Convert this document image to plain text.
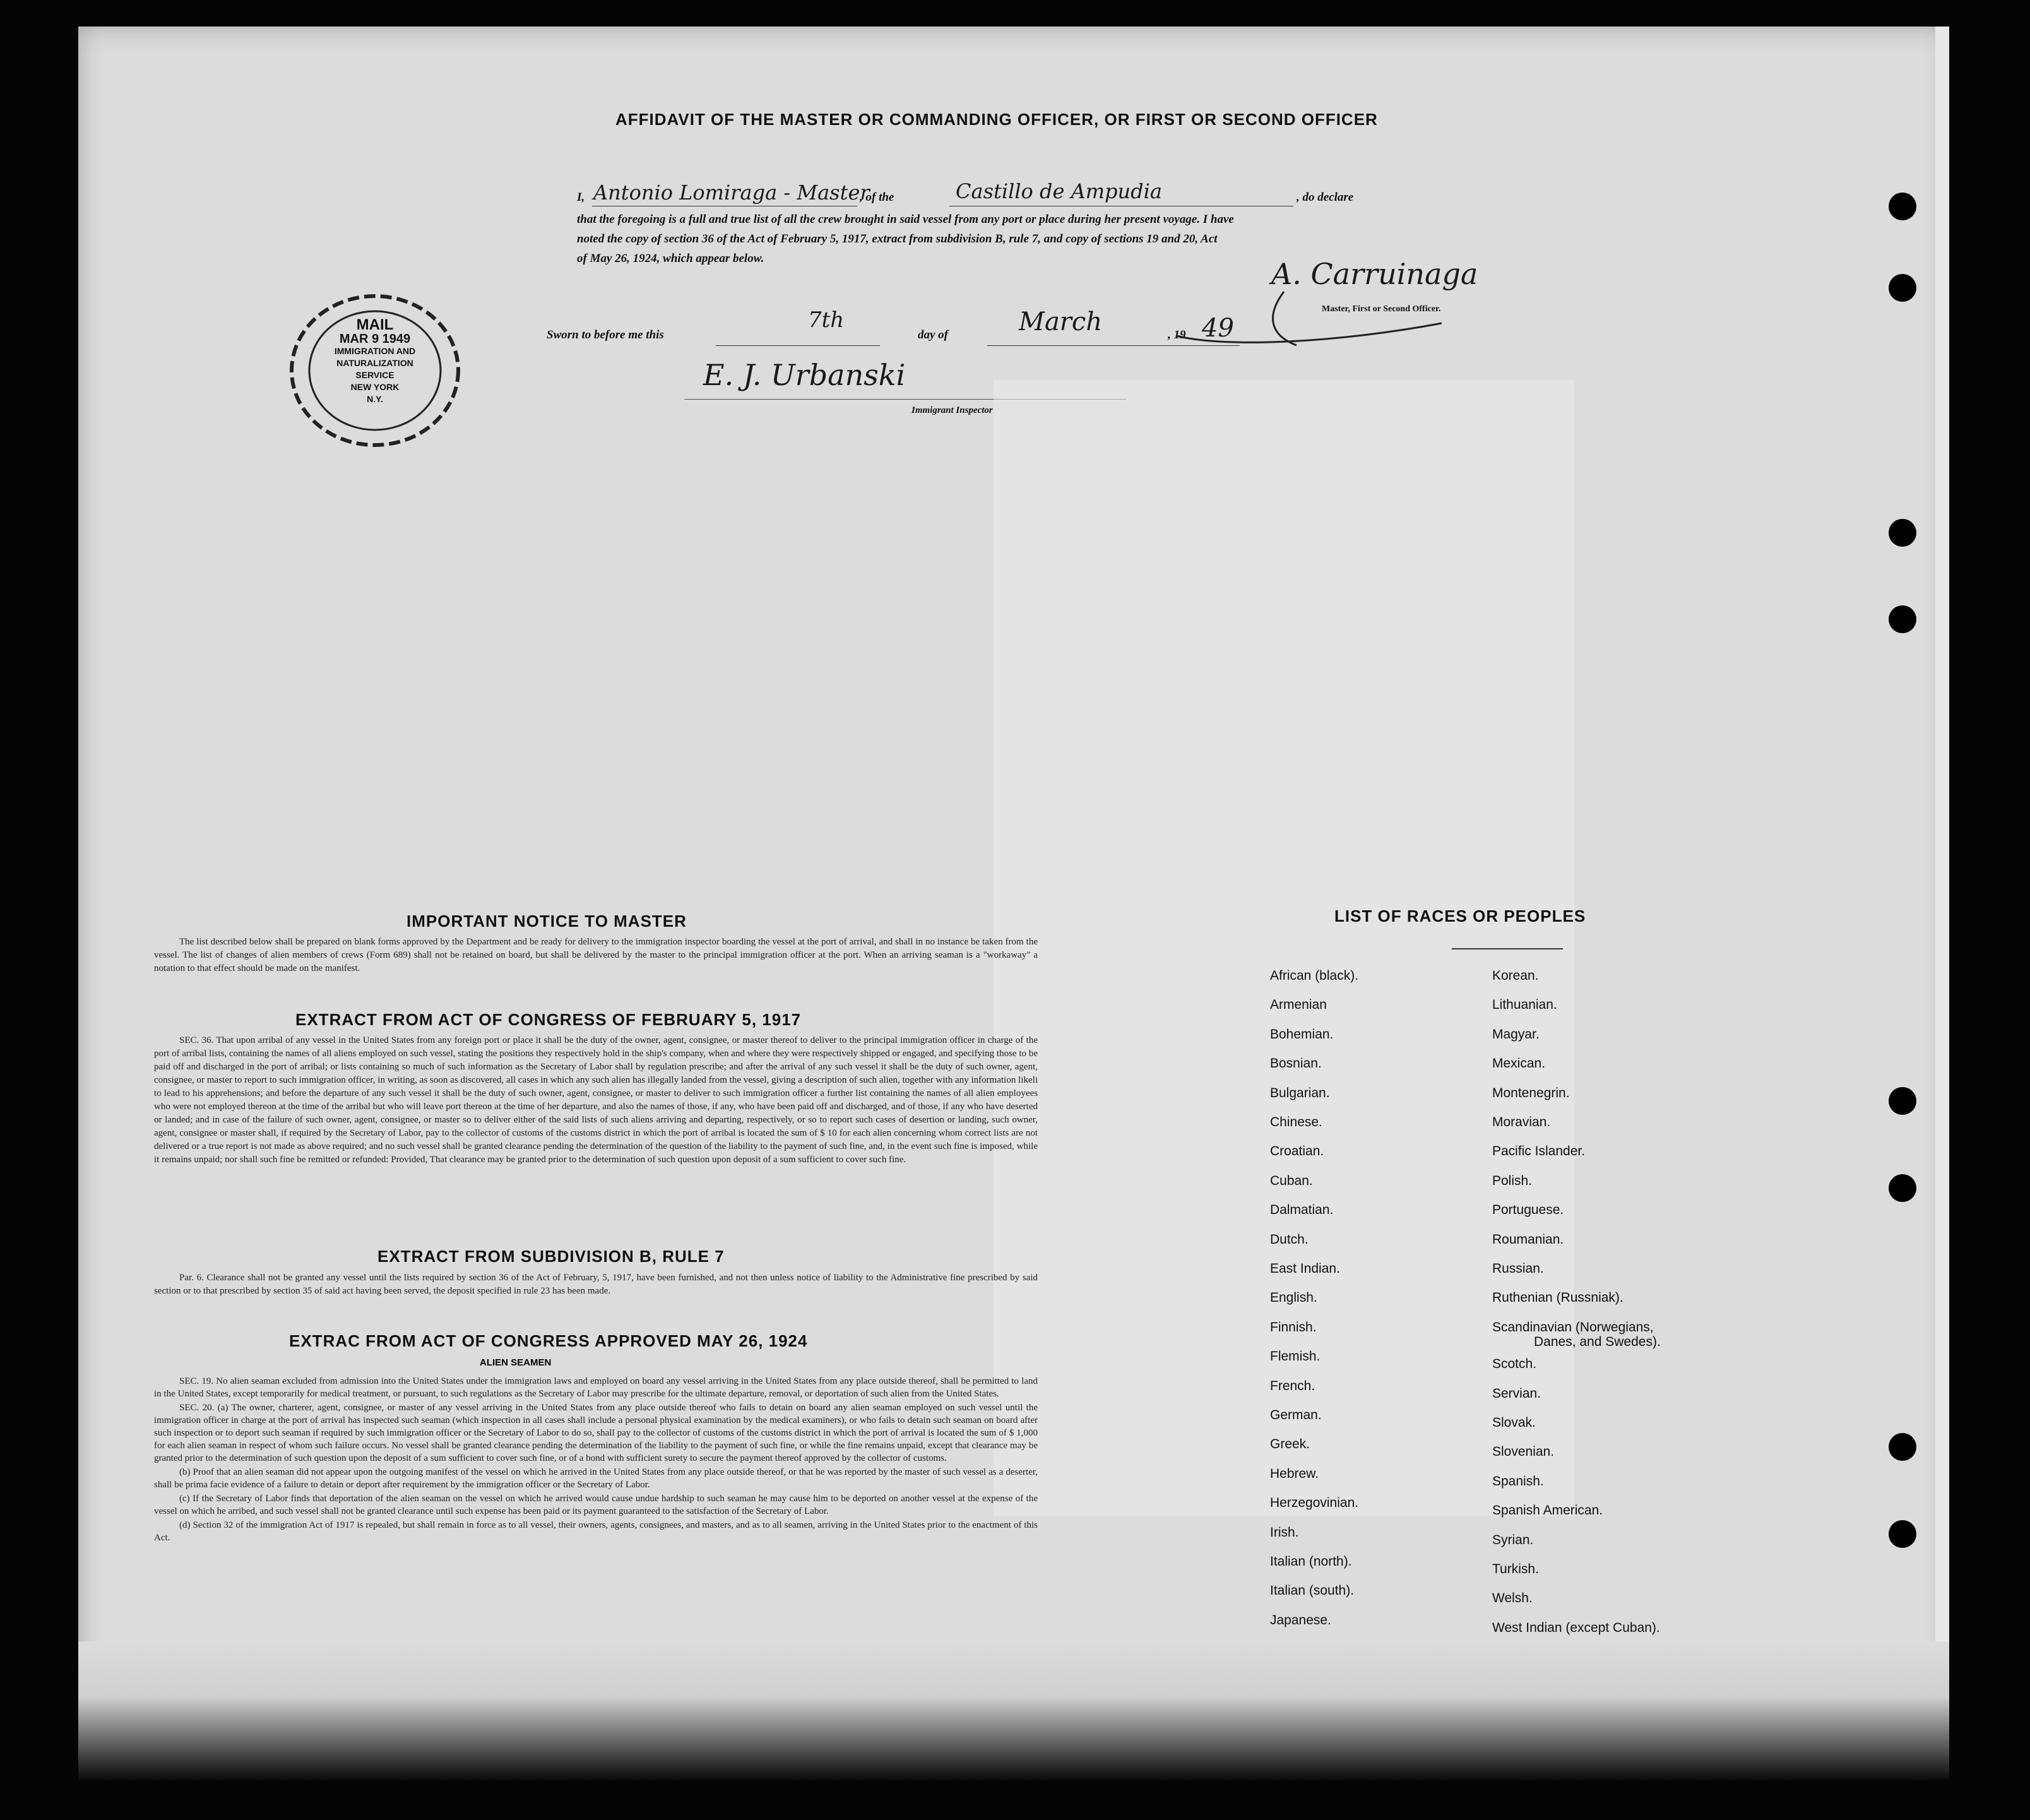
AFFIDAVIT OF THE MASTER OR COMMANDING OFFICER, OR FIRST OR SECOND OFFICER
I, Antonio Lomiraga - Master
, of the	Castillo de Ampudia	, do declare
that the foregoing is a full and true list of all the crew brought in said vessel from any port or place during her present voyage. I have
noted the copy of section 36 of the Act of February 5, 1917, extract from subdivision B, rule 7, and copy of sections 19 and 20, Act
of May 26, 1924, which appear below.
Sworn to before me this
7th
day of	March	, 19 49
A. Carruinaga
Master, First or Second Officer.
E. J. Urbanski
Immigrant Inspector
MAIL
MAR 9 1949
IMMIGRATION AND
NATURALIZATION
SERVICE
NEW YORK
N.Y.
IMPORTANT NOTICE TO MASTER

The list described below shall be prepared on blank forms approved by the Department and be ready for delivery to the immigration inspector boarding the vessel at the port of arrival, and shall in no instance be taken from the vessel. The list of changes of alien members of crews (Form 689) shall not be retained on board, but shall be delivered by the master to the principal immigration officer at the port. When an arriving seaman is a "workaway" a notation to that effect should be made on the manifest.

EXTRACT FROM ACT OF CONGRESS OF FEBRUARY 5, 1917

SEC. 36. That upon arribal of any vessel in the United States from any foreign port or place it shall be the duty of the owner, agent, consignee, or master thereof to deliver to the principal immigration officer in charge of the port of arribal lists, containing the names of all aliens employed on such vessel, stating the positions they respectively hold in the ship's company, when and where they were respectively shipped or engaged, and specifying those to be paid off and discharged in the port of arribal; or lists containing so much of such information as the Secretary of Labor shall by regulation prescribe; and after the arrival of any such vessel it shall be the duty of such owner, agent, consignee, or master to report to such immigration officer, in writing, as soon as discovered, all cases in which any such alien has illegally landed from the vessel, giving a description of such alien, together with any information likeli to lead to his apprehensions; and before the departure of any such vessel it shall be the duty of such owner, agent, consignee, or master to deliver to such immigration officer a further list containing the names of all alien employees who were not employed thereon at the time of the arribal but who will leave port thereon at the time of her departure, and also the names of those, if any, who have been paid off and discharged, and of those, if any who have deserted or landed; and in case of the failure of such owner, agent, consignee, or master so to deliver either of the said lists of such aliens arriving and departing, respectively, or so to report such cases of desertion or landing, such owner, agent, consignee or master shall, if required by the Secretary of Labor, pay to the collector of customs of the customs district in which the port of arribal is located the sum of $ 10 for each alien concerning whom correct lists are not delivered or a true report is not made as above required; and no such vessel shall be granted clearance pending the determination of the question of the liability to the payment of such fine, and, in the event such fine is imposed, while it remains unpaid; nor shall such fine be remitted or refunded: Provided, That clearance may be granted prior to the determination of such question upon deposit of a sum sufficient to cover such fine.

EXTRACT FROM SUBDIVISION B, RULE 7

Par. 6. Clearance shall not be granted any vessel until the lists required by section 36 of the Act of February, 5, 1917, have been furnished, and not then unless notice of liability to the Administrative fine prescribed by said section or to that prescribed by section 35 of said act having been served, the deposit specified in rule 23 has been made.

EXTRAC FROM ACT OF CONGRESS APPROVED MAY 26, 1924
ALIEN SEAMEN

SEC. 19. No alien seaman excluded from admission into the United States under the immigration laws and employed on board any vessel arriving in the United States from any place outside thereof, shall be permitted to land in the United States, except temporarily for medical treatment, or pursuant, to such regulations as the Secretary of Labor may prescribe for the ultimate departure, removal, or deportation of such alien from the United States.

SEC. 20. (a) The owner, charterer, agent, consignee, or master of any vessel arriving in the United States from any place outside thereof who fails to detain on board any alien seaman employed on such vessel until the immigration officer in charge at the port of arrival has inspected such seaman (which inspection in all cases shall include a personal physical examination by the medical examiners), or who fails to detain such seaman on board after such inspection or to deport such seaman if required by such immigration officer or the Secretary of Labor to do so, shall pay to the collector of customs of the customs district in which the port of arrival is located the sum of $ 1,000 for each alien seaman in respect of whom such failure occurs. No vessel shall be granted clearance pending the determination of the liability to the payment of such fine, or while the fine remains unpaid, except that clearance may be granted prior to the determination of such question upon the deposit of a sum sufficient to cover such fine, or of a bond with sufficient surety to secure the payment thereof approved by the collector of customs.

(b) Proof that an alien seaman did not appear upon the outgoing manifest of the vessel on which he arrived in the United States from any place outside thereof, or that he was reported by the master of such vessel as a deserter, shall be prima facie evidence of a failure to detain or deport after requirement by the immigration officer or the Secretary of Labor.

(c) If the Secretary of Labor finds that deportation of the alien seaman on the vessel on which he arrived would cause undue hardship to such seaman he may cause him to be deported on another vessel at the expense of the vessel on which he arribed, and such vessel shall not be granted clearance until such expense has been paid or its payment guaranteed to the satisfaction of the Secretary of Labor.

(d) Section 32 of the immigration Act of 1917 is repealed, but shall remain in force as to all vessel, their owners, agents, consignees, and masters, and as to all seamen, arriving in the United States prior to the enactment of this Act.

LIST OF RACES OR PEOPLES
African (black).
Armenian
Bohemian.
Bosnian.
Bulgarian.
Chinese.
Croatian.
Cuban.
Dalmatian.
Dutch.
East Indian.
English.
Finnish.
Flemish.
French.
German.
Greek.
Hebrew.
Herzegovinian.
Irish.
Italian (north).
Italian (south).
Japanese.
Korean.
Lithuanian.
Magyar.
Mexican.
Montenegrin.
Moravian.
Pacific Islander.
Polish.
Portuguese.
Roumanian.
Russian.
Ruthenian (Russniak).
Scandinavian (Norwegians,
Scotch.
Servian.
Slovak.
Slovenian.
Spanish.
Spanish American.
Syrian.
Turkish.
Welsh.
West Indian (except Cuban).
Danes, and Swedes).
